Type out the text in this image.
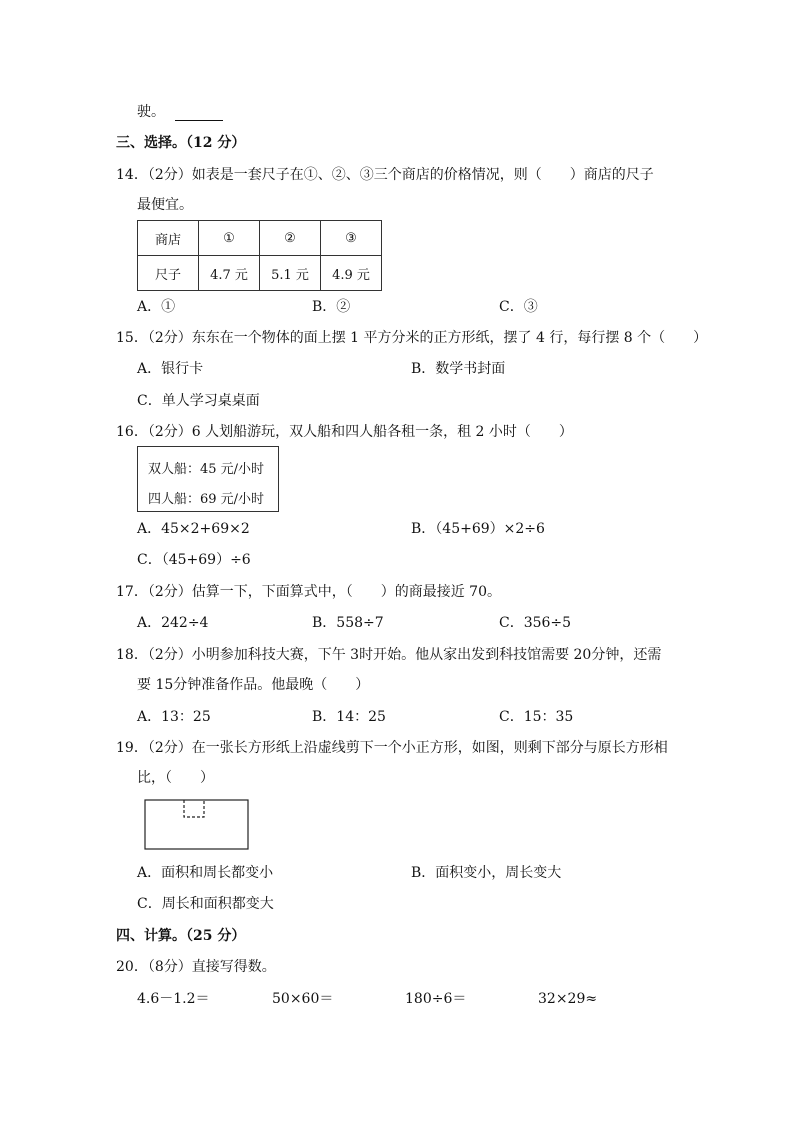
驶。
三、选择。（12 分）
14．（2分）如表是一套尺子在①、②、③三个商店的价格情况，则（　　）商店的尺子
最便宜。
商店	①	②	③
尺子	4.7 元	5.1 元	4.9 元
A．①	B．②	C．③
15．（2分）东东在一个物体的面上摆 1 平方分米的正方形纸，摆了 4 行，每行摆 8 个（　　）
A．银行卡	B．数学书封面
C．单人学习桌桌面
16．（2分）6 人划船游玩，双人船和四人船各租一条，租 2 小时（　　）
双人船：45 元/小时
四人船：69 元/小时
A．45×2+69×2	B．（45+69）×2÷6
C．（45+69）÷6
17．（2分）估算一下，下面算式中，（　　）的商最接近 70。
A．242÷4	B．558÷7	C．356÷5
18．（2分）小明参加科技大赛，下午 3时开始。他从家出发到科技馆需要 20分钟，还需
要 15分钟准备作品。他最晚（　　）
A．13：25	B．14：25	C．15：35
19．（2分）在一张长方形纸上沿虚线剪下一个小正方形，如图，则剩下部分与原长方形相
比，（　　）
A．面积和周长都变小	B．面积变小，周长变大
C．周长和面积都变大
四、计算。（25 分）
20．（8分）直接写得数。
4.6－1.2＝	50×60＝	180÷6＝	32×29≈
